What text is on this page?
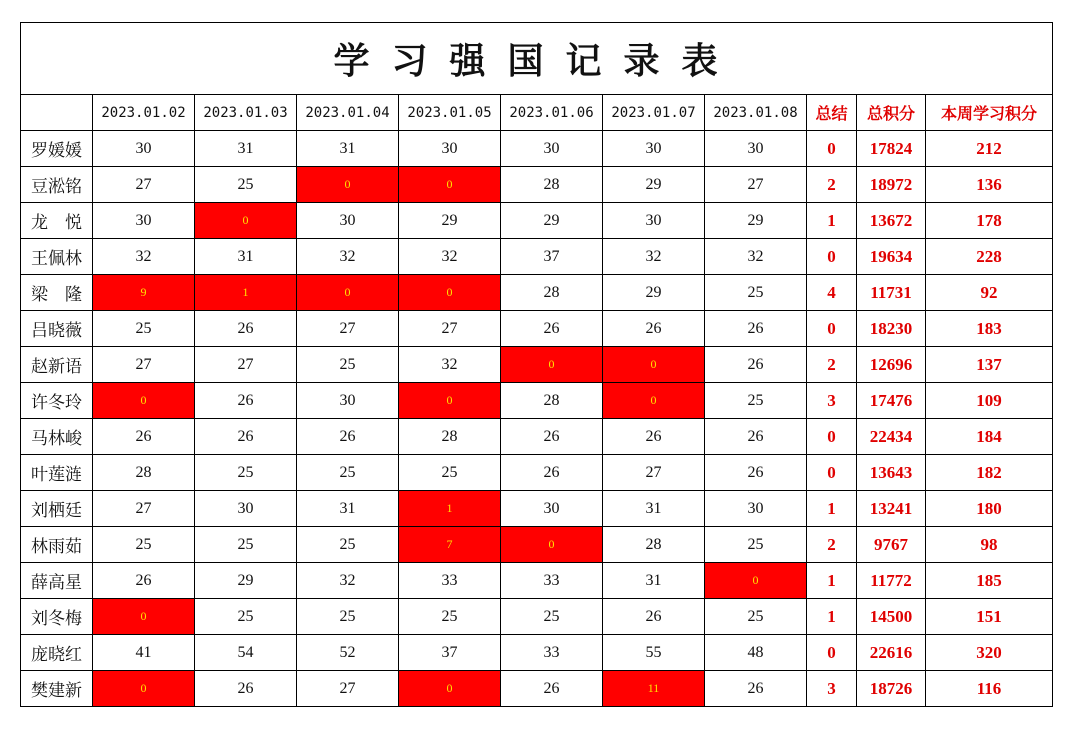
学习强国记录表										
	2023.01.02	2023.01.03	2023.01.04	2023.01.05	2023.01.06	2023.01.07	2023.01.08	总结	总积分	本周学习积分
罗媛媛	30	31	31	30	30	30	30	0	17824	212
豆淞铭	27	25	0	0	28	29	27	2	18972	136
龙　悦	30	0	30	29	29	30	29	1	13672	178
王佩林	32	31	32	32	37	32	32	0	19634	228
梁　隆	9	1	0	0	28	29	25	4	11731	92
吕晓薇	25	26	27	27	26	26	26	0	18230	183
赵新语	27	27	25	32	0	0	26	2	12696	137
许冬玲	0	26	30	0	28	0	25	3	17476	109
马林峻	26	26	26	28	26	26	26	0	22434	184
叶莲涟	28	25	25	25	26	27	26	0	13643	182
刘栖廷	27	30	31	1	30	31	30	1	13241	180
林雨茹	25	25	25	7	0	28	25	2	9767	98
薛高星	26	29	32	33	33	31	0	1	11772	185
刘冬梅	0	25	25	25	25	26	25	1	14500	151
庞晓红	41	54	52	37	33	55	48	0	22616	320
樊建新	0	26	27	0	26	11	26	3	18726	116
